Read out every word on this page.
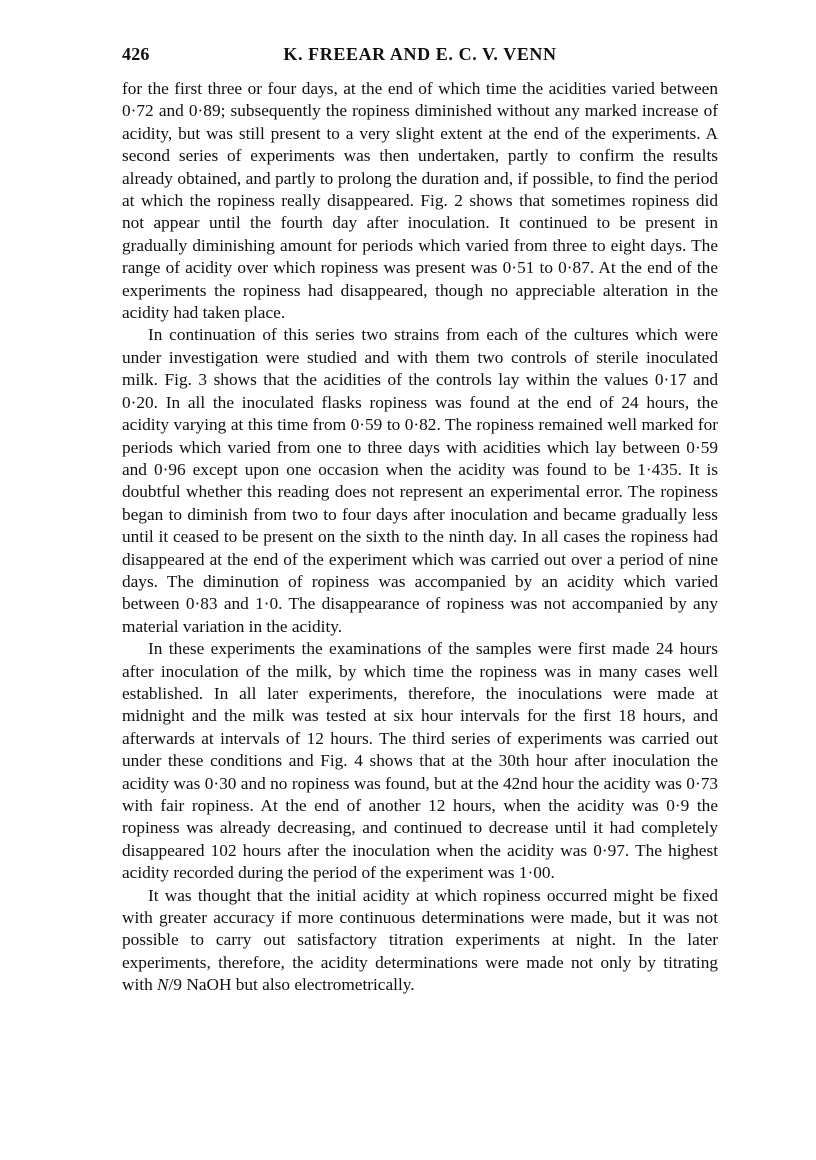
426	K. FREEAR AND E. C. V. VENN

for the first three or four days, at the end of which time the acidities varied between 0·72 and 0·89; subsequently the ropiness diminished without any marked increase of acidity, but was still present to a very slight extent at the end of the experiments. A second series of experiments was then undertaken, partly to confirm the results already obtained, and partly to prolong the duration and, if possible, to find the period at which the ropiness really disappeared. Fig. 2 shows that sometimes ropiness did not appear until the fourth day after inoculation. It continued to be present in gradually diminishing amount for periods which varied from three to eight days. The range of acidity over which ropiness was present was 0·51 to 0·87. At the end of the experiments the ropiness had disappeared, though no appreciable alteration in the acidity had taken place.

In continuation of this series two strains from each of the cultures which were under investigation were studied and with them two controls of sterile inoculated milk. Fig. 3 shows that the acidities of the controls lay within the values 0·17 and 0·20. In all the inoculated flasks ropiness was found at the end of 24 hours, the acidity varying at this time from 0·59 to 0·82. The ropiness remained well marked for periods which varied from one to three days with acidities which lay between 0·59 and 0·96 except upon one occasion when the acidity was found to be 1·435. It is doubtful whether this reading does not represent an experimental error. The ropiness began to diminish from two to four days after inoculation and became gradually less until it ceased to be present on the sixth to the ninth day. In all cases the ropiness had disappeared at the end of the experiment which was carried out over a period of nine days. The diminution of ropiness was accompanied by an acidity which varied between 0·83 and 1·0. The disappearance of ropiness was not accompanied by any material variation in the acidity.

In these experiments the examinations of the samples were first made 24 hours after inoculation of the milk, by which time the ropiness was in many cases well established. In all later experiments, therefore, the inoculations were made at midnight and the milk was tested at six hour intervals for the first 18 hours, and afterwards at intervals of 12 hours. The third series of experiments was carried out under these conditions and Fig. 4 shows that at the 30th hour after inoculation the acidity was 0·30 and no ropiness was found, but at the 42nd hour the acidity was 0·73 with fair ropiness. At the end of another 12 hours, when the acidity was 0·9 the ropiness was already decreasing, and continued to decrease until it had completely disappeared 102 hours after the inoculation when the acidity was 0·97. The highest acidity recorded during the period of the experiment was 1·00.

It was thought that the initial acidity at which ropiness occurred might be fixed with greater accuracy if more continuous determinations were made, but it was not possible to carry out satisfactory titration experiments at night. In the later experiments, therefore, the acidity determinations were made not only by titrating with N/9 NaOH but also electrometrically.
